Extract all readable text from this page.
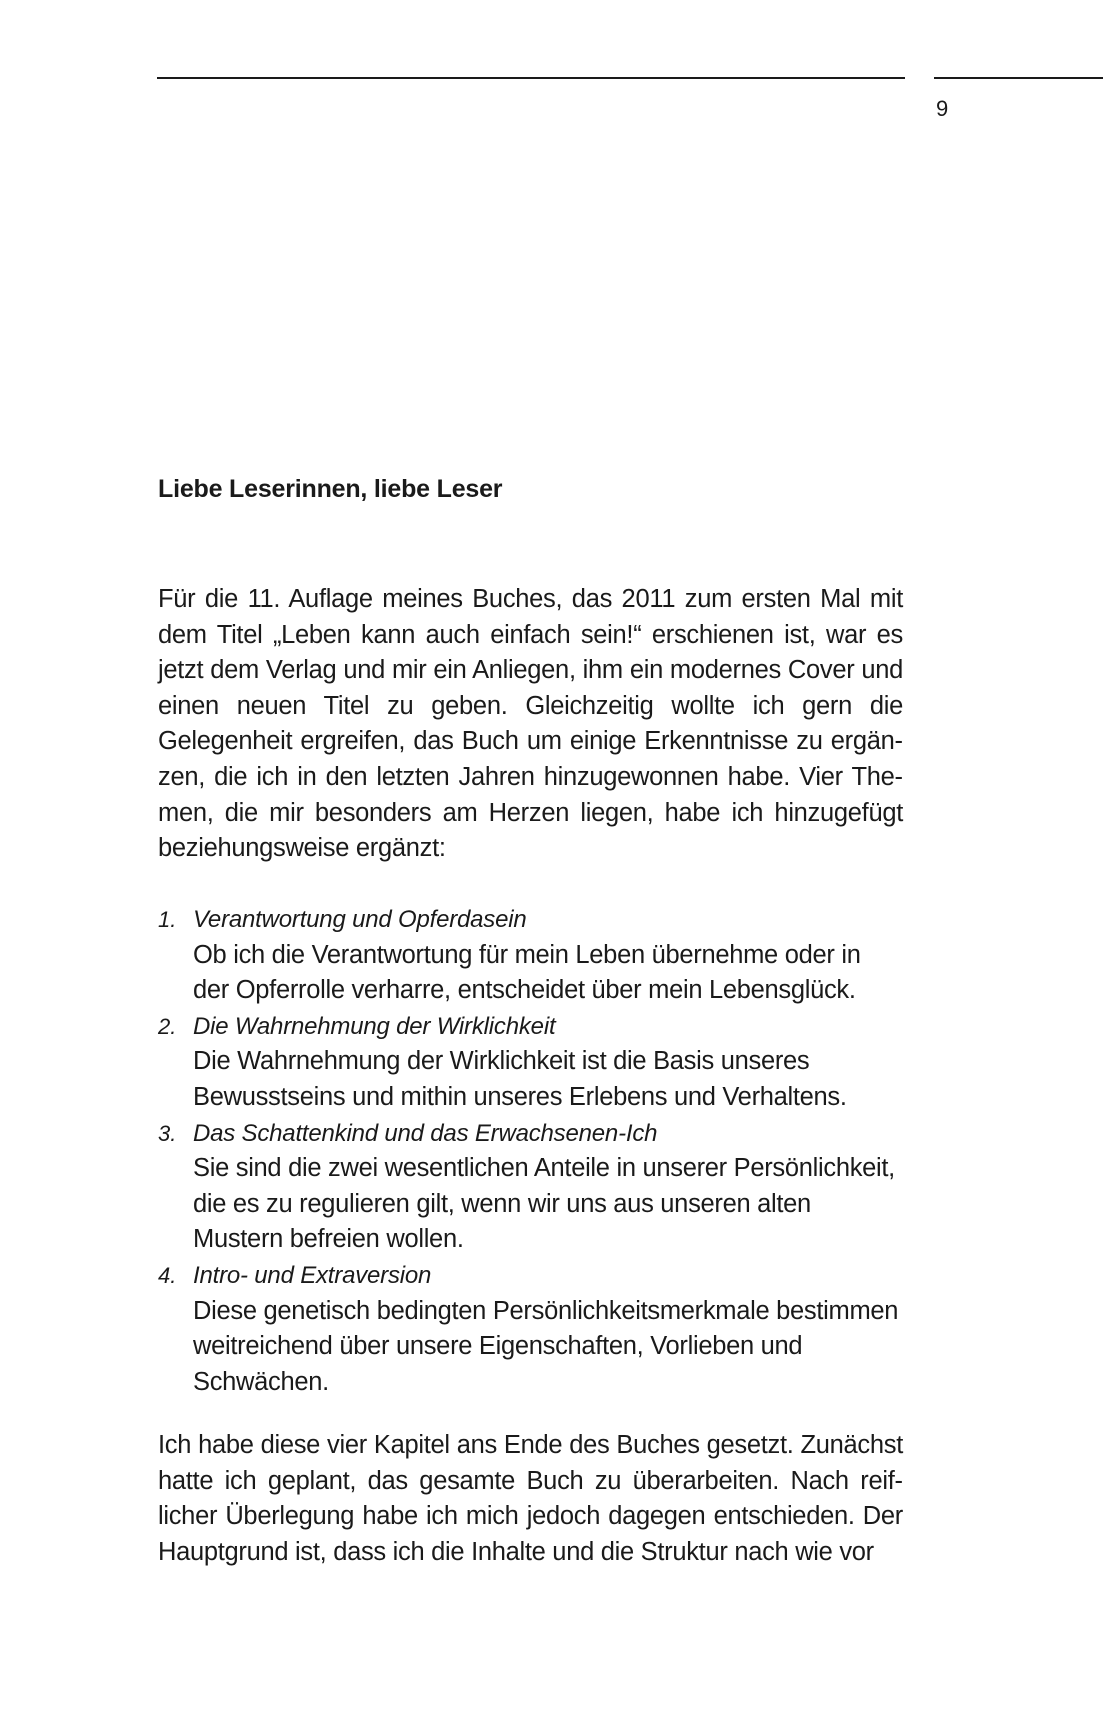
9
Liebe Leserinnen, liebe Leser

Für die 11. Auflage meines Buches, das 2011 zum ersten Mal mit dem Titel „Leben kann auch einfach sein!“ erschienen ist, war es jetzt dem Verlag und mir ein Anliegen, ihm ein modernes Cover und einen neuen Titel zu geben. Gleichzeitig wollte ich gern die Gelegenheit ergreifen, das Buch um einige Erkenntnisse zu ergänzen, die ich in den letzten Jahren hinzugewonnen habe. Vier Themen, die mir besonders am Herzen liegen, habe ich hinzugefügt beziehungsweise ergänzt:

1. Verantwortung und Opferdasein
Ob ich die Verantwortung für mein Leben übernehme oder in der Opferrolle verharre, entscheidet über mein Lebensglück.
2. Die Wahrnehmung der Wirklichkeit
Die Wahrnehmung der Wirklichkeit ist die Basis unseres Bewusstseins und mithin unseres Erlebens und Verhaltens.
3. Das Schattenkind und das Erwachsenen-Ich
Sie sind die zwei wesentlichen Anteile in unserer Persönlichkeit, die es zu regulieren gilt, wenn wir uns aus unseren alten Mustern befreien wollen.
4. Intro- und Extraversion
Diese genetisch bedingten Persönlichkeitsmerkmale bestimmen weitreichend über unsere Eigenschaften, Vorlieben und Schwächen.

Ich habe diese vier Kapitel ans Ende des Buches gesetzt. Zunächst hatte ich geplant, das gesamte Buch zu überarbeiten. Nach reiflicher Überlegung habe ich mich jedoch dagegen entschieden. Der Hauptgrund ist, dass ich die Inhalte und die Struktur nach wie vor
